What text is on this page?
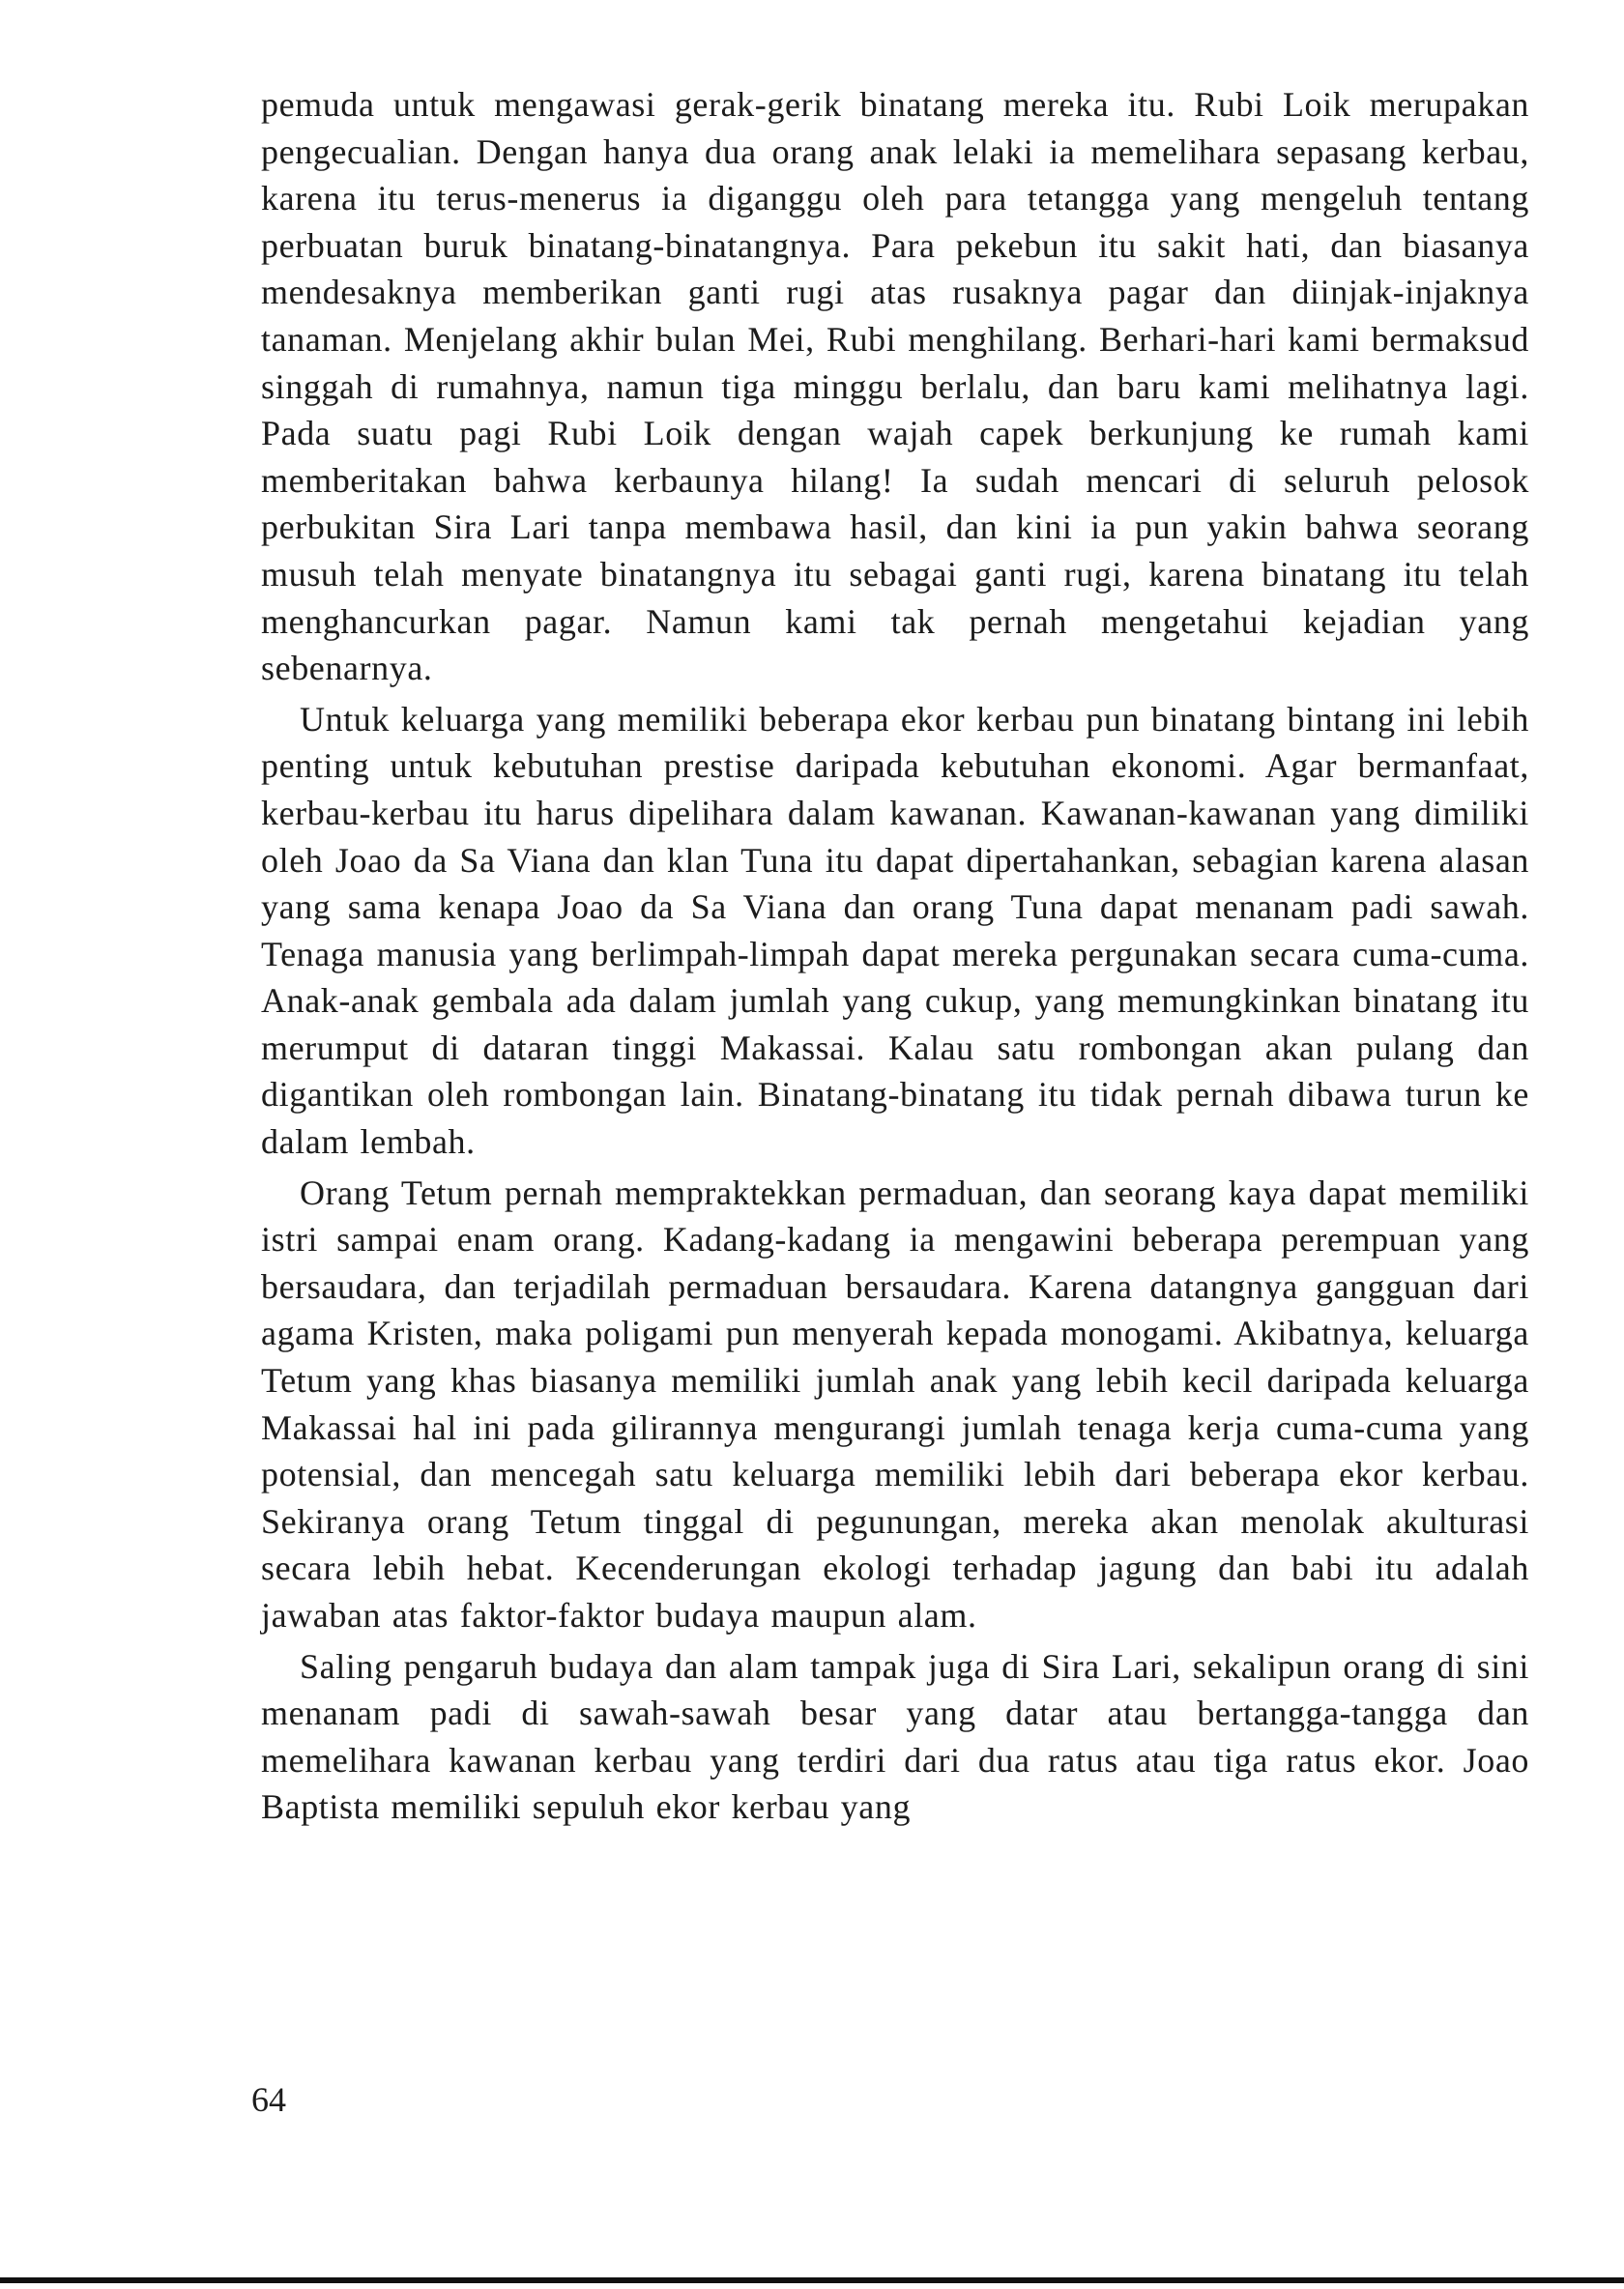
pemuda untuk mengawasi gerak-gerik binatang mereka itu. Rubi Loik merupakan pengecualian. Dengan hanya dua orang anak lelaki ia memelihara sepasang kerbau, karena itu terus-menerus ia diganggu oleh para tetangga yang mengeluh tentang perbuatan buruk binatang-binatangnya. Para pekebun itu sakit hati, dan biasanya mendesaknya memberikan ganti rugi atas rusaknya pagar dan diinjak-injaknya tanaman. Menjelang akhir bulan Mei, Rubi menghilang. Berhari-hari kami bermaksud singgah di rumahnya, namun tiga minggu berlalu, dan baru kami melihatnya lagi. Pada suatu pagi Rubi Loik dengan wajah capek berkunjung ke rumah kami memberitakan bahwa kerbaunya hilang! Ia sudah mencari di seluruh pelosok perbukitan Sira Lari tanpa membawa hasil, dan kini ia pun yakin bahwa seorang musuh telah menyate binatangnya itu sebagai ganti rugi, karena binatang itu telah menghancurkan pagar. Namun kami tak pernah mengetahui kejadian yang sebenarnya.

Untuk keluarga yang memiliki beberapa ekor kerbau pun binatang bintang ini lebih penting untuk kebutuhan prestise daripada kebutuhan ekonomi. Agar bermanfaat, kerbau-kerbau itu harus dipelihara dalam kawanan. Kawanan-kawanan yang dimiliki oleh Joao da Sa Viana dan klan Tuna itu dapat dipertahankan, sebagian karena alasan yang sama kenapa Joao da Sa Viana dan orang Tuna dapat menanam padi sawah. Tenaga manusia yang berlimpah-limpah dapat mereka pergunakan secara cuma-cuma. Anak-anak gembala ada dalam jumlah yang cukup, yang memungkinkan binatang itu merumput di dataran tinggi Makassai. Kalau satu rombongan akan pulang dan digantikan oleh rombongan lain. Binatang-binatang itu tidak pernah dibawa turun ke dalam lembah.

Orang Tetum pernah mempraktekkan permaduan, dan seorang kaya dapat memiliki istri sampai enam orang. Kadang-kadang ia mengawini beberapa perempuan yang bersaudara, dan terjadilah permaduan bersaudara. Karena datangnya gangguan dari agama Kristen, maka poligami pun menyerah kepada monogami. Akibatnya, keluarga Tetum yang khas biasanya memiliki jumlah anak yang lebih kecil daripada keluarga Makassai hal ini pada gilirannya mengurangi jumlah tenaga kerja cuma-cuma yang potensial, dan mencegah satu keluarga memiliki lebih dari beberapa ekor kerbau. Sekiranya orang Tetum tinggal di pegunungan, mereka akan menolak akulturasi secara lebih hebat. Kecenderungan ekologi terhadap jagung dan babi itu adalah jawaban atas faktor-faktor budaya maupun alam.

Saling pengaruh budaya dan alam tampak juga di Sira Lari, sekalipun orang di sini menanam padi di sawah-sawah besar yang datar atau bertangga-tangga dan memelihara kawanan kerbau yang terdiri dari dua ratus atau tiga ratus ekor. Joao Baptista memiliki sepuluh ekor kerbau yang

64
